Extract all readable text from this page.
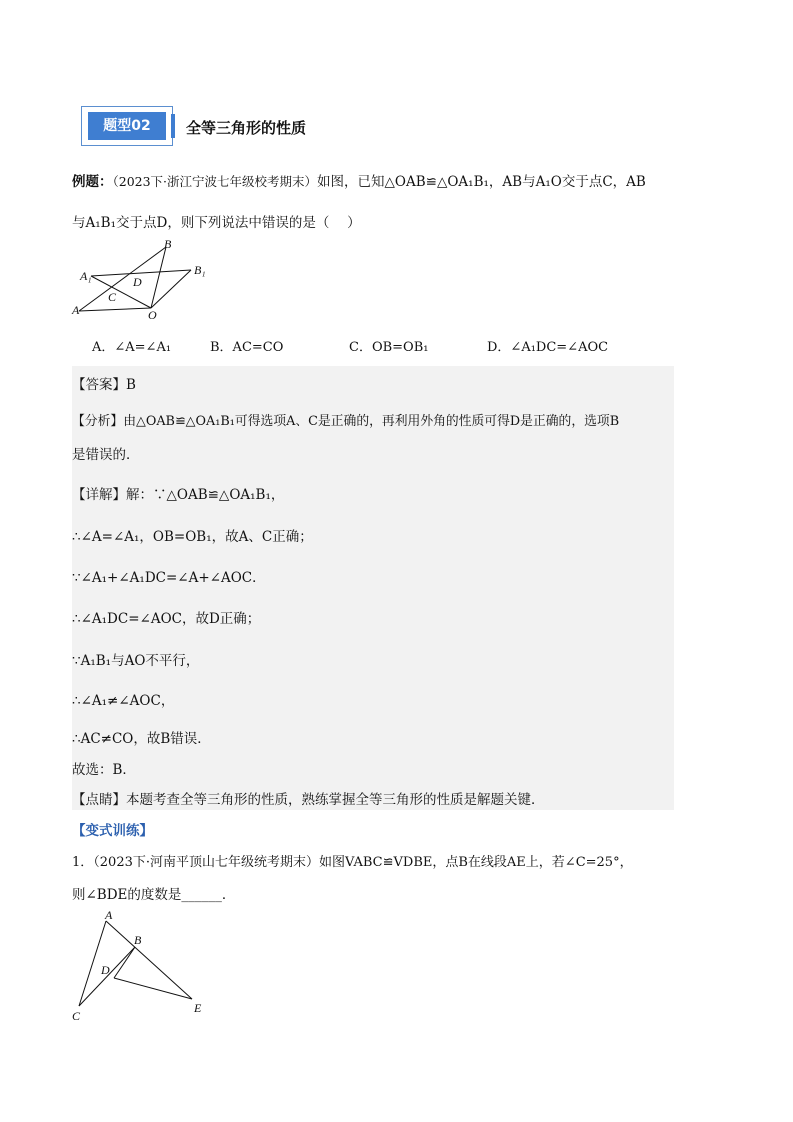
题型02	全等三角形的性质
例题：（2023下·浙江宁波七年级校考期末）如图，已知△OAB≌△OA₁B₁，AB与A₁O交于点C，AB
与A₁B₁交于点D，则下列说法中错误的是（　 ）
B
A₁	D
B₁
C
A	O
A．∠A=∠A₁	B．AC=CO	C．OB=OB₁	D．∠A₁DC=∠AOC
【答案】B
【分析】由△OAB≌△OA₁B₁可得选项A、C是正确的，再利用外角的性质可得D是正确的，选项B
是错误的．
【详解】解：∵△OAB≌△OA₁B₁，
∴∠A=∠A₁，OB=OB₁，故A、C正确；
∵∠A₁+∠A₁DC=∠A+∠AOC．
∴∠A₁DC=∠AOC，故D正确；
∵A₁B₁与AO不平行，
∴∠A₁≠∠AOC，
∴AC≠CO，故B错误．
故选：B．
【点睛】本题考查全等三角形的性质，熟练掌握全等三角形的性质是解题关键．
【变式训练】
1．（2023下·河南平顶山七年级统考期末）如图VABC≌VDBE，点B在线段AE上，若∠C=25°，
则∠BDE的度数是______．
A
B
D
C
E
